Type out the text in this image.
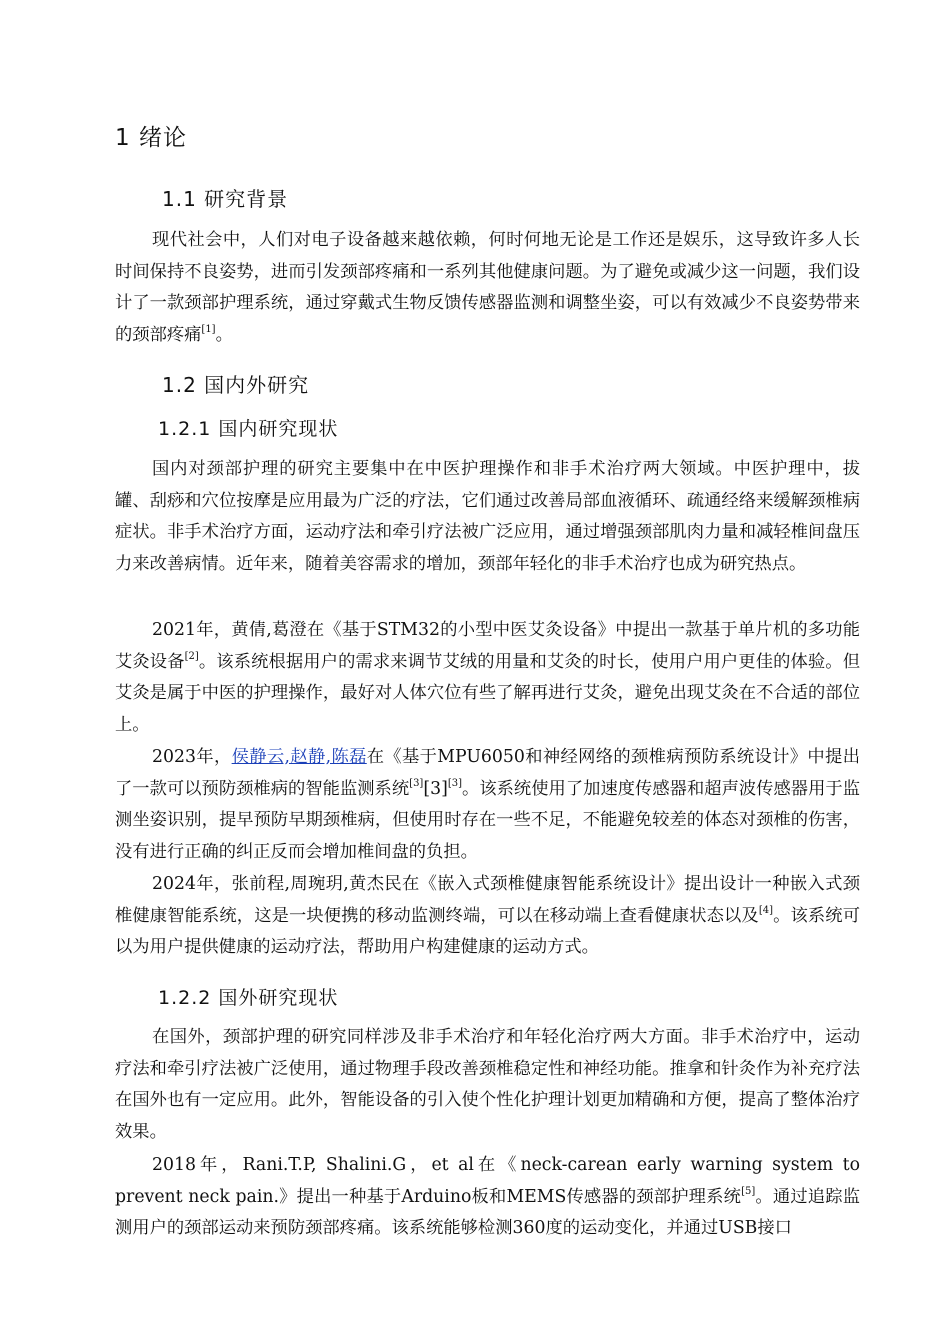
1 绪论
1.1 研究背景

现代社会中，人们对电子设备越来越依赖，何时何地无论是工作还是娱乐，这导致许多人长时间保持不良姿势，进而引发颈部疼痛和一系列其他健康问题。为了避免或减少这一问题，我们设计了一款颈部护理系统，通过穿戴式生物反馈传感器监测和调整坐姿，可以有效减少不良姿势带来的颈部疼痛[1]。

1.2 国内外研究
1.2.1 国内研究现状

国内对颈部护理的研究主要集中在中医护理操作和非手术治疗两大领域。中医护理中，拔罐、刮痧和穴位按摩是应用最为广泛的疗法，它们通过改善局部血液循环、疏通经络来缓解颈椎病症状。非手术治疗方面，运动疗法和牵引疗法被广泛应用，通过增强颈部肌肉力量和减轻椎间盘压力来改善病情。近年来，随着美容需求的增加，颈部年轻化的非手术治疗也成为研究热点。

2021年，黄倩,葛澄在《基于STM32的小型中医艾灸设备》中提出一款基于单片机的多功能艾灸设备[2]。该系统根据用户的需求来调节艾绒的用量和艾灸的时长，使用户用户更佳的体验。但艾灸是属于中医的护理操作，最好对人体穴位有些了解再进行艾灸，避免出现艾灸在不合适的部位上。

2023年，侯静云,赵静,陈磊在《基于MPU6050和神经网络的颈椎病预防系统设计》中提出了一款可以预防颈椎病的智能监测系统[3][3][3]。该系统使用了加速度传感器和超声波传感器用于监测坐姿识别，提早预防早期颈椎病，但使用时存在一些不足，不能避免较差的体态对颈椎的伤害，没有进行正确的纠正反而会增加椎间盘的负担。

2024年，张前程,周琬玥,黄杰民在《嵌入式颈椎健康智能系统设计》提出设计一种嵌入式颈椎健康智能系统，这是一块便携的移动监测终端，可以在移动端上查看健康状态以及[4]。该系统可以为用户提供健康的运动疗法，帮助用户构建健康的运动方式。

1.2.2 国外研究现状

在国外，颈部护理的研究同样涉及非手术治疗和年轻化治疗两大方面。非手术治疗中，运动疗法和牵引疗法被广泛使用，通过物理手段改善颈椎稳定性和神经功能。推拿和针灸作为补充疗法在国外也有一定应用。此外，智能设备的引入使个性化护理计划更加精确和方便，提高了整体治疗效果。

2018年，Rani.T.P, Shalini.G，et al在《neck-carean early warning system to prevent neck pain.》提出一种基于Arduino板和MEMS传感器的颈部护理系统[5]。通过追踪监测用户的颈部运动来预防颈部疼痛。该系统能够检测360度的运动变化，并通过USB接口
